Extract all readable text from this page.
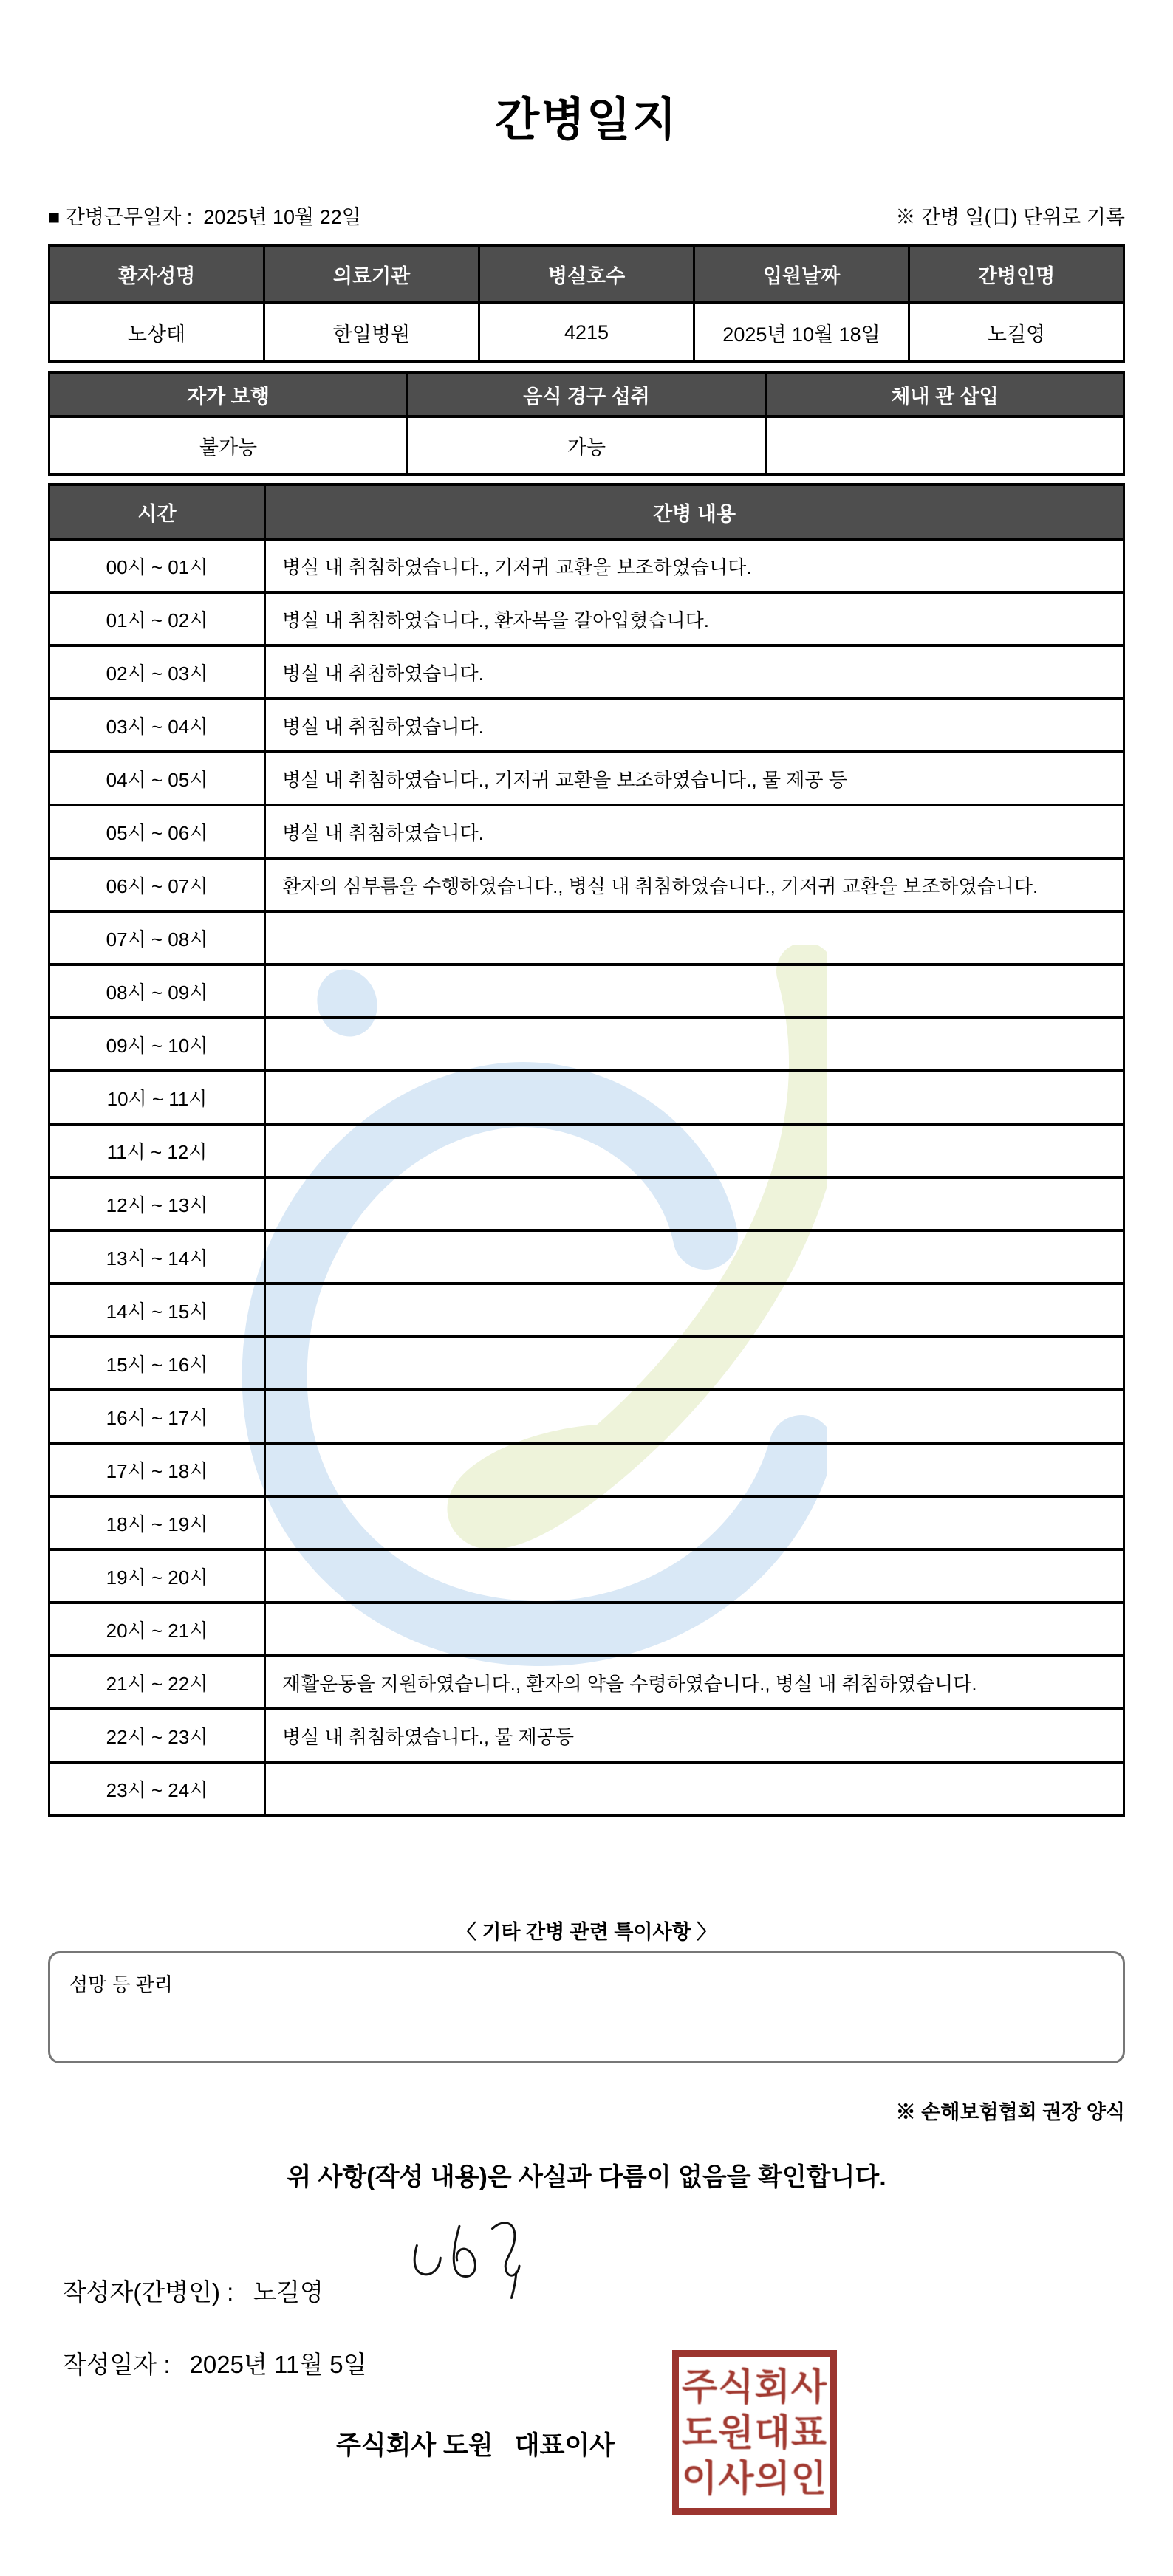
간병일지
■ 간병근무일자 :  2025년 10월 22일	※ 간병 일(日) 단위로 기록
환자성명	의료기관	병실호수	입원날짜	간병인명
노상태	한일병원	4215	2025년 10월 18일	노길영
자가 보행	음식 경구 섭취	체내 관 삽입
불가능	가능	
시간	간병 내용
00시 ~ 01시	병실 내 취침하였습니다., 기저귀 교환을 보조하였습니다.
01시 ~ 02시	병실 내 취침하였습니다., 환자복을 갈아입혔습니다.
02시 ~ 03시	병실 내 취침하였습니다.
03시 ~ 04시	병실 내 취침하였습니다.
04시 ~ 05시	병실 내 취침하였습니다., 기저귀 교환을 보조하였습니다., 물 제공 등
05시 ~ 06시	병실 내 취침하였습니다.
06시 ~ 07시	환자의 심부름을 수행하였습니다., 병실 내 취침하였습니다., 기저귀 교환을 보조하였습니다.
07시 ~ 08시	
08시 ~ 09시	
09시 ~ 10시	
10시 ~ 11시	
11시 ~ 12시	
12시 ~ 13시	
13시 ~ 14시	
14시 ~ 15시	
15시 ~ 16시	
16시 ~ 17시	
17시 ~ 18시	
18시 ~ 19시	
19시 ~ 20시	
20시 ~ 21시	
21시 ~ 22시	재활운동을 지원하였습니다., 환자의 약을 수령하였습니다., 병실 내 취침하였습니다.
22시 ~ 23시	병실 내 취침하였습니다., 물 제공등
23시 ~ 24시	
〈 기타 간병 관련 특이사항 〉
섬망 등 관리
※ 손해보험협회 권장 양식
위 사항(작성 내용)은 사실과 다름이 없음을 확인합니다.

작성자(간병인) : 노길영

작성일자 : 2025년 11월 5일

주식회사 도원   대표이사
주식회사
도원대표
이사의인
